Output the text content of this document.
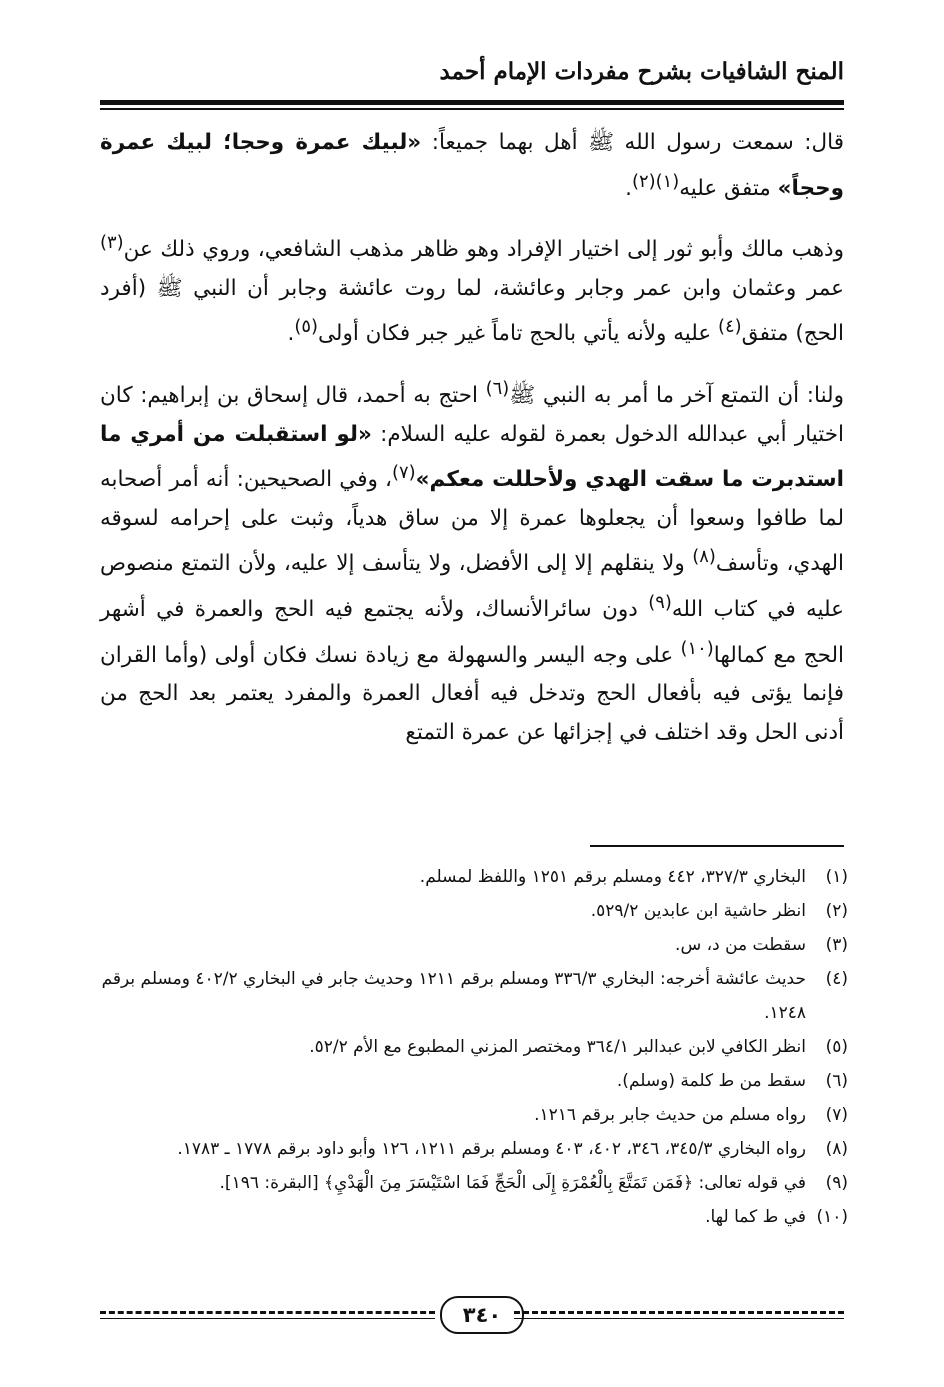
المنح الشافيات بشرح مفردات الإمام أحمد

قال: سمعت رسول الله ﷺ أهل بهما جميعاً: «لبيك عمرة وحجا؛ لبيك عمرة وحجاً» متفق عليه$^{(١)(٢)}$.

وذهب مالك وأبو ثور إلى اختيار الإفراد وهو ظاهر مذهب الشافعي، وروي ذلك عن$^{(٣)}$ عمر وعثمان وابن عمر وجابر وعائشة، لما روت عائشة وجابر أن النبي ﷺ (أفرد الحج) متفق$^{(٤)}$ عليه ولأنه يأتي بالحج تاماً غير جبر فكان أولى$^{(٥)}$.

ولنا: أن التمتع آخر ما أمر به النبي ﷺ$^{(٦)}$ احتج به أحمد، قال إسحاق بن إبراهيم: كان اختيار أبي عبدالله الدخول بعمرة لقوله عليه السلام: «لو استقبلت من أمري ما استدبرت ما سقت الهدي ولأحللت معكم»$^{(٧)}$، وفي الصحيحين: أنه أمر أصحابه لما طافوا وسعوا أن يجعلوها عمرة إلا من ساق هدياً، وثبت على إحرامه لسوقه الهدي، وتأسف$^{(٨)}$ ولا ينقلهم إلا إلى الأفضل، ولا يتأسف إلا عليه، ولأن التمتع منصوص عليه في كتاب الله$^{(٩)}$ دون سائرالأنساك، ولأنه يجتمع فيه الحج والعمرة في أشهر الحج مع كمالها$^{(١٠)}$ على وجه اليسر والسهولة مع زيادة نسك فكان أولى (وأما القران فإنما يؤتى فيه بأفعال الحج وتدخل فيه أفعال العمرة والمفرد يعتمر بعد الحج من أدنى الحل وقد اختلف في إجزائها عن عمرة التمتع

(١)
البخاري ٣٢٧/٣، ٤٤٢ ومسلم برقم ١٢٥١ واللفظ لمسلم.
(٢)
انظر حاشية ابن عابدين ٥٢٩/٢.
(٣)
سقطت من د، س.
(٤)
حديث عائشة أخرجه: البخاري ٣٣٦/٣ ومسلم برقم ١٢١١ وحديث جابر في البخاري ٤٠٢/٢ ومسلم برقم ١٢٤٨.
(٥)
انظر الكافي لابن عبدالبر ٣٦٤/١ ومختصر المزني المطبوع مع الأم ٥٢/٢.
(٦)
سقط من ط كلمة (وسلم).
(٧)
رواه مسلم من حديث جابر برقم ١٢١٦.
(٨)
رواه البخاري ٣٤٥/٣، ٣٤٦، ٤٠٢، ٤٠٣ ومسلم برقم ١٢١١، ١٢٦ وأبو داود برقم ١٧٧٨ ـ ١٧٨٣.
(٩)
في قوله تعالى: ﴿فَمَن تَمَتَّعَ بِالْعُمْرَةِ إِلَى الْحَجِّ فَمَا اسْتَيْسَرَ مِنَ الْهَدْيِ﴾ [البقرة: ١٩٦].
(١٠)
في ط كما لها.
٣٤٠
